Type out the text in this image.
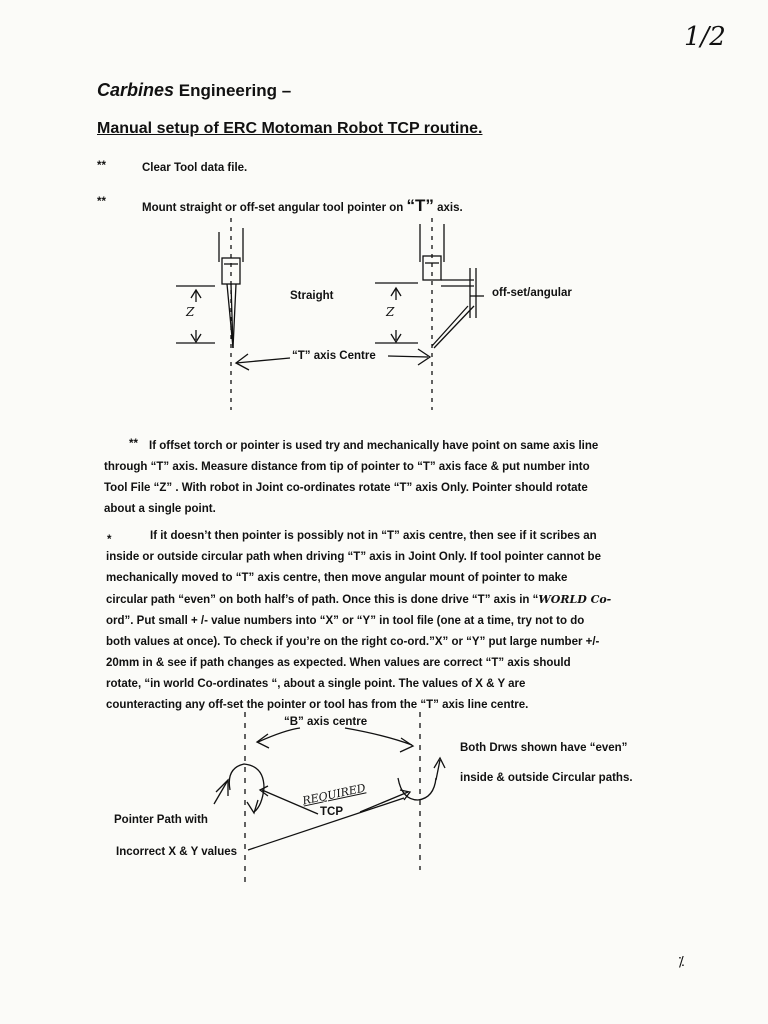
1/2
Carbines Engineering –
Manual setup of ERC Motoman Robot TCP routine.
**	Clear Tool data file.
**	Mount straight or off-set angular tool pointer on “T” axis.
Z	Z
Straight	off-set/angular
“T” axis Centre
** If offset torch or pointer is used try and mechanically have point on same axis line
through “T” axis. Measure distance from tip of pointer to “T” axis face & put number into
Tool File “Z” . With robot in Joint co-ordinates rotate “T” axis Only. Pointer should rotate
about a single point.
*	If it doesn’t then pointer is possibly not in “T” axis centre, then see if it scribes an
inside or outside circular path when driving “T” axis in Joint Only. If tool pointer cannot be
mechanically moved to “T” axis centre, then move angular mount of pointer to make
circular path “even” on both half’s of path. Once this is done drive “T” axis in “WORLD Co-
ord”. Put small + /- value numbers into “X” or “Y” in tool file (one at a time, try not to do
both values at once). To check if you’re on the right co-ord.”X” or “Y” put large number +/-
20mm in & see if path changes as expected. When values are correct “T” axis should
rotate, “in world Co-ordinates “, about a single point. The values of X & Y are
counteracting any off-set the pointer or tool has from the “T” axis line centre.
“B” axis centre
Both Drws shown have “even”
inside & outside Circular paths.
REQUIRED
TCP
Pointer Path with
Incorrect X & Y values
⁒
